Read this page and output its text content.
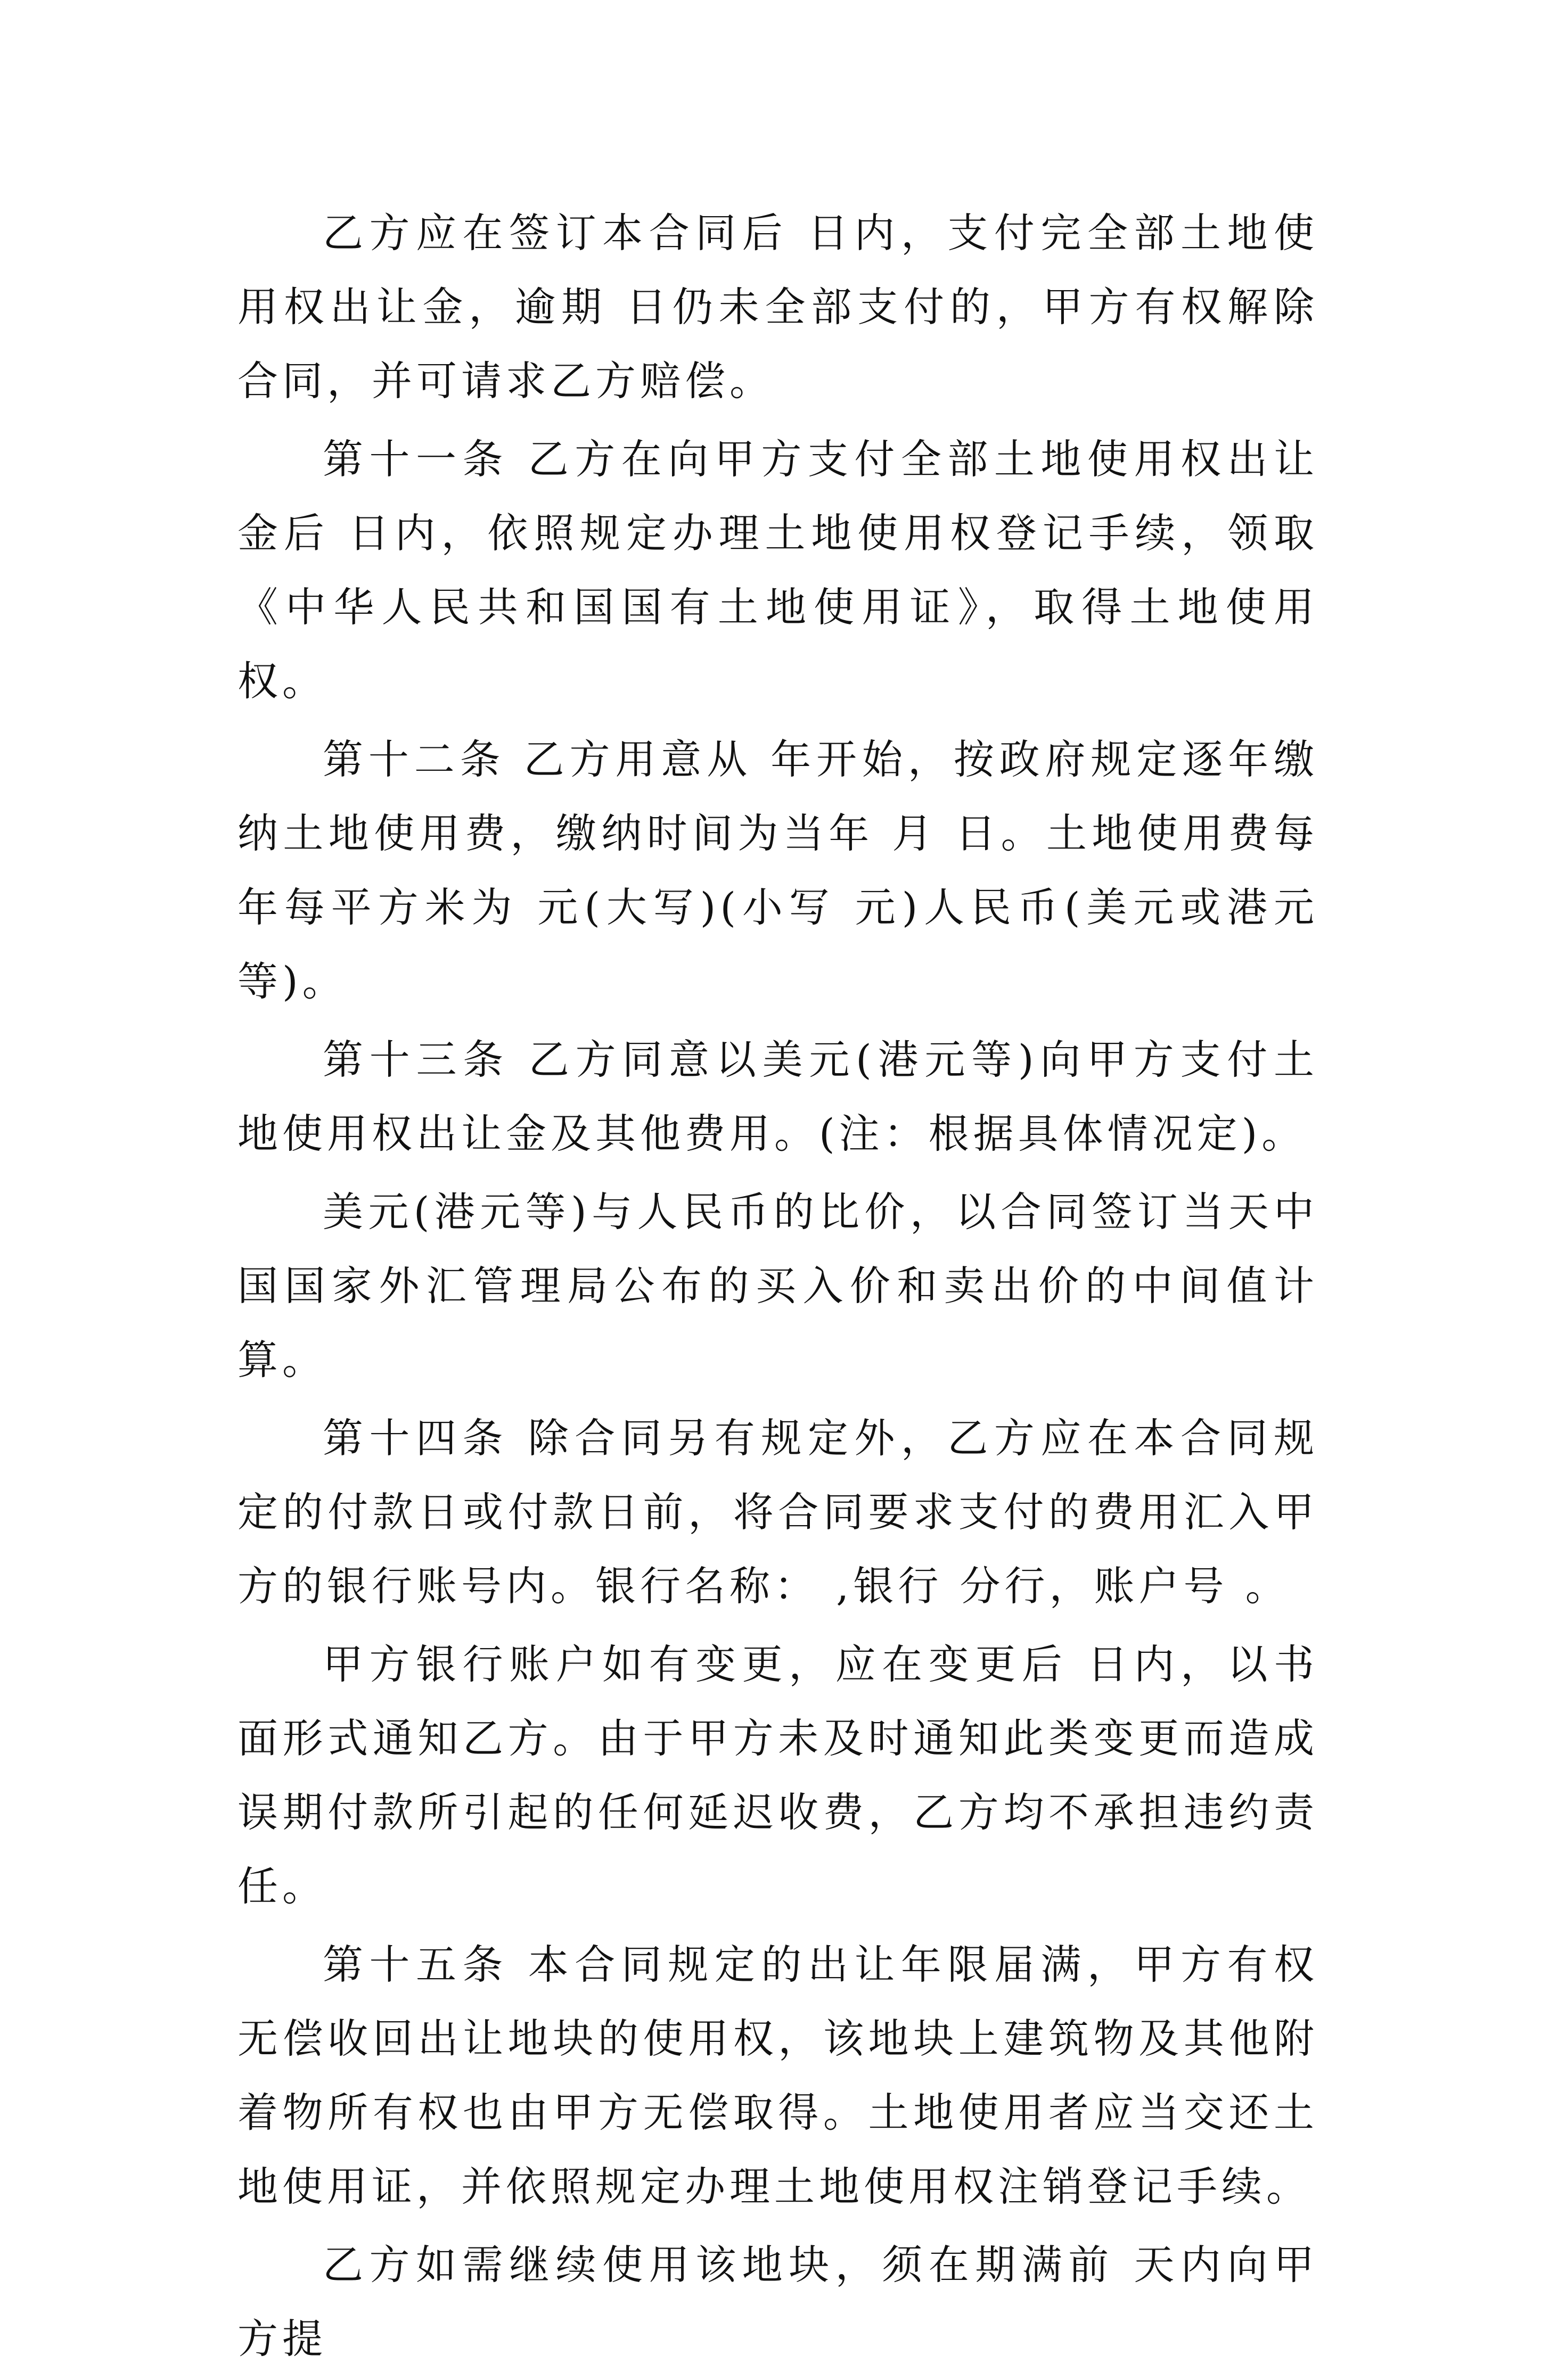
乙方应在签订本合同后 日内，支付完全部土地使用权出让金，逾期 日仍未全部支付的，甲方有权解除合同，并可请求乙方赔偿。

第十一条 乙方在向甲方支付全部土地使用权出让金后 日内，依照规定办理土地使用权登记手续，领取《中华人民共和国国有土地使用证》，取得土地使用权。

第十二条 乙方用意从 年开始，按政府规定逐年缴纳土地使用费，缴纳时间为当年 月 日。土地使用费每年每平方米为 元(大写)(小写 元)人民币(美元或港元等)。

第十三条 乙方同意以美元(港元等)向甲方支付土地使用权出让金及其他费用。(注：根据具体情况定)。

美元(港元等)与人民币的比价，以合同签订当天中国国家外汇管理局公布的买入价和卖出价的中间值计算。

第十四条 除合同另有规定外，乙方应在本合同规定的付款日或付款日前，将合同要求支付的费用汇入甲方的银行账号内。银行名称： ,银行 分行，账户号 。

甲方银行账户如有变更，应在变更后 日内，以书面形式通知乙方。由于甲方未及时通知此类变更而造成误期付款所引起的任何延迟收费，乙方均不承担违约责任。

第十五条 本合同规定的出让年限届满，甲方有权无偿收回出让地块的使用权，该地块上建筑物及其他附着物所有权也由甲方无偿取得。土地使用者应当交还土地使用证，并依照规定办理土地使用权注销登记手续。

乙方如需继续使用该地块，须在期满前 天内向甲方提
